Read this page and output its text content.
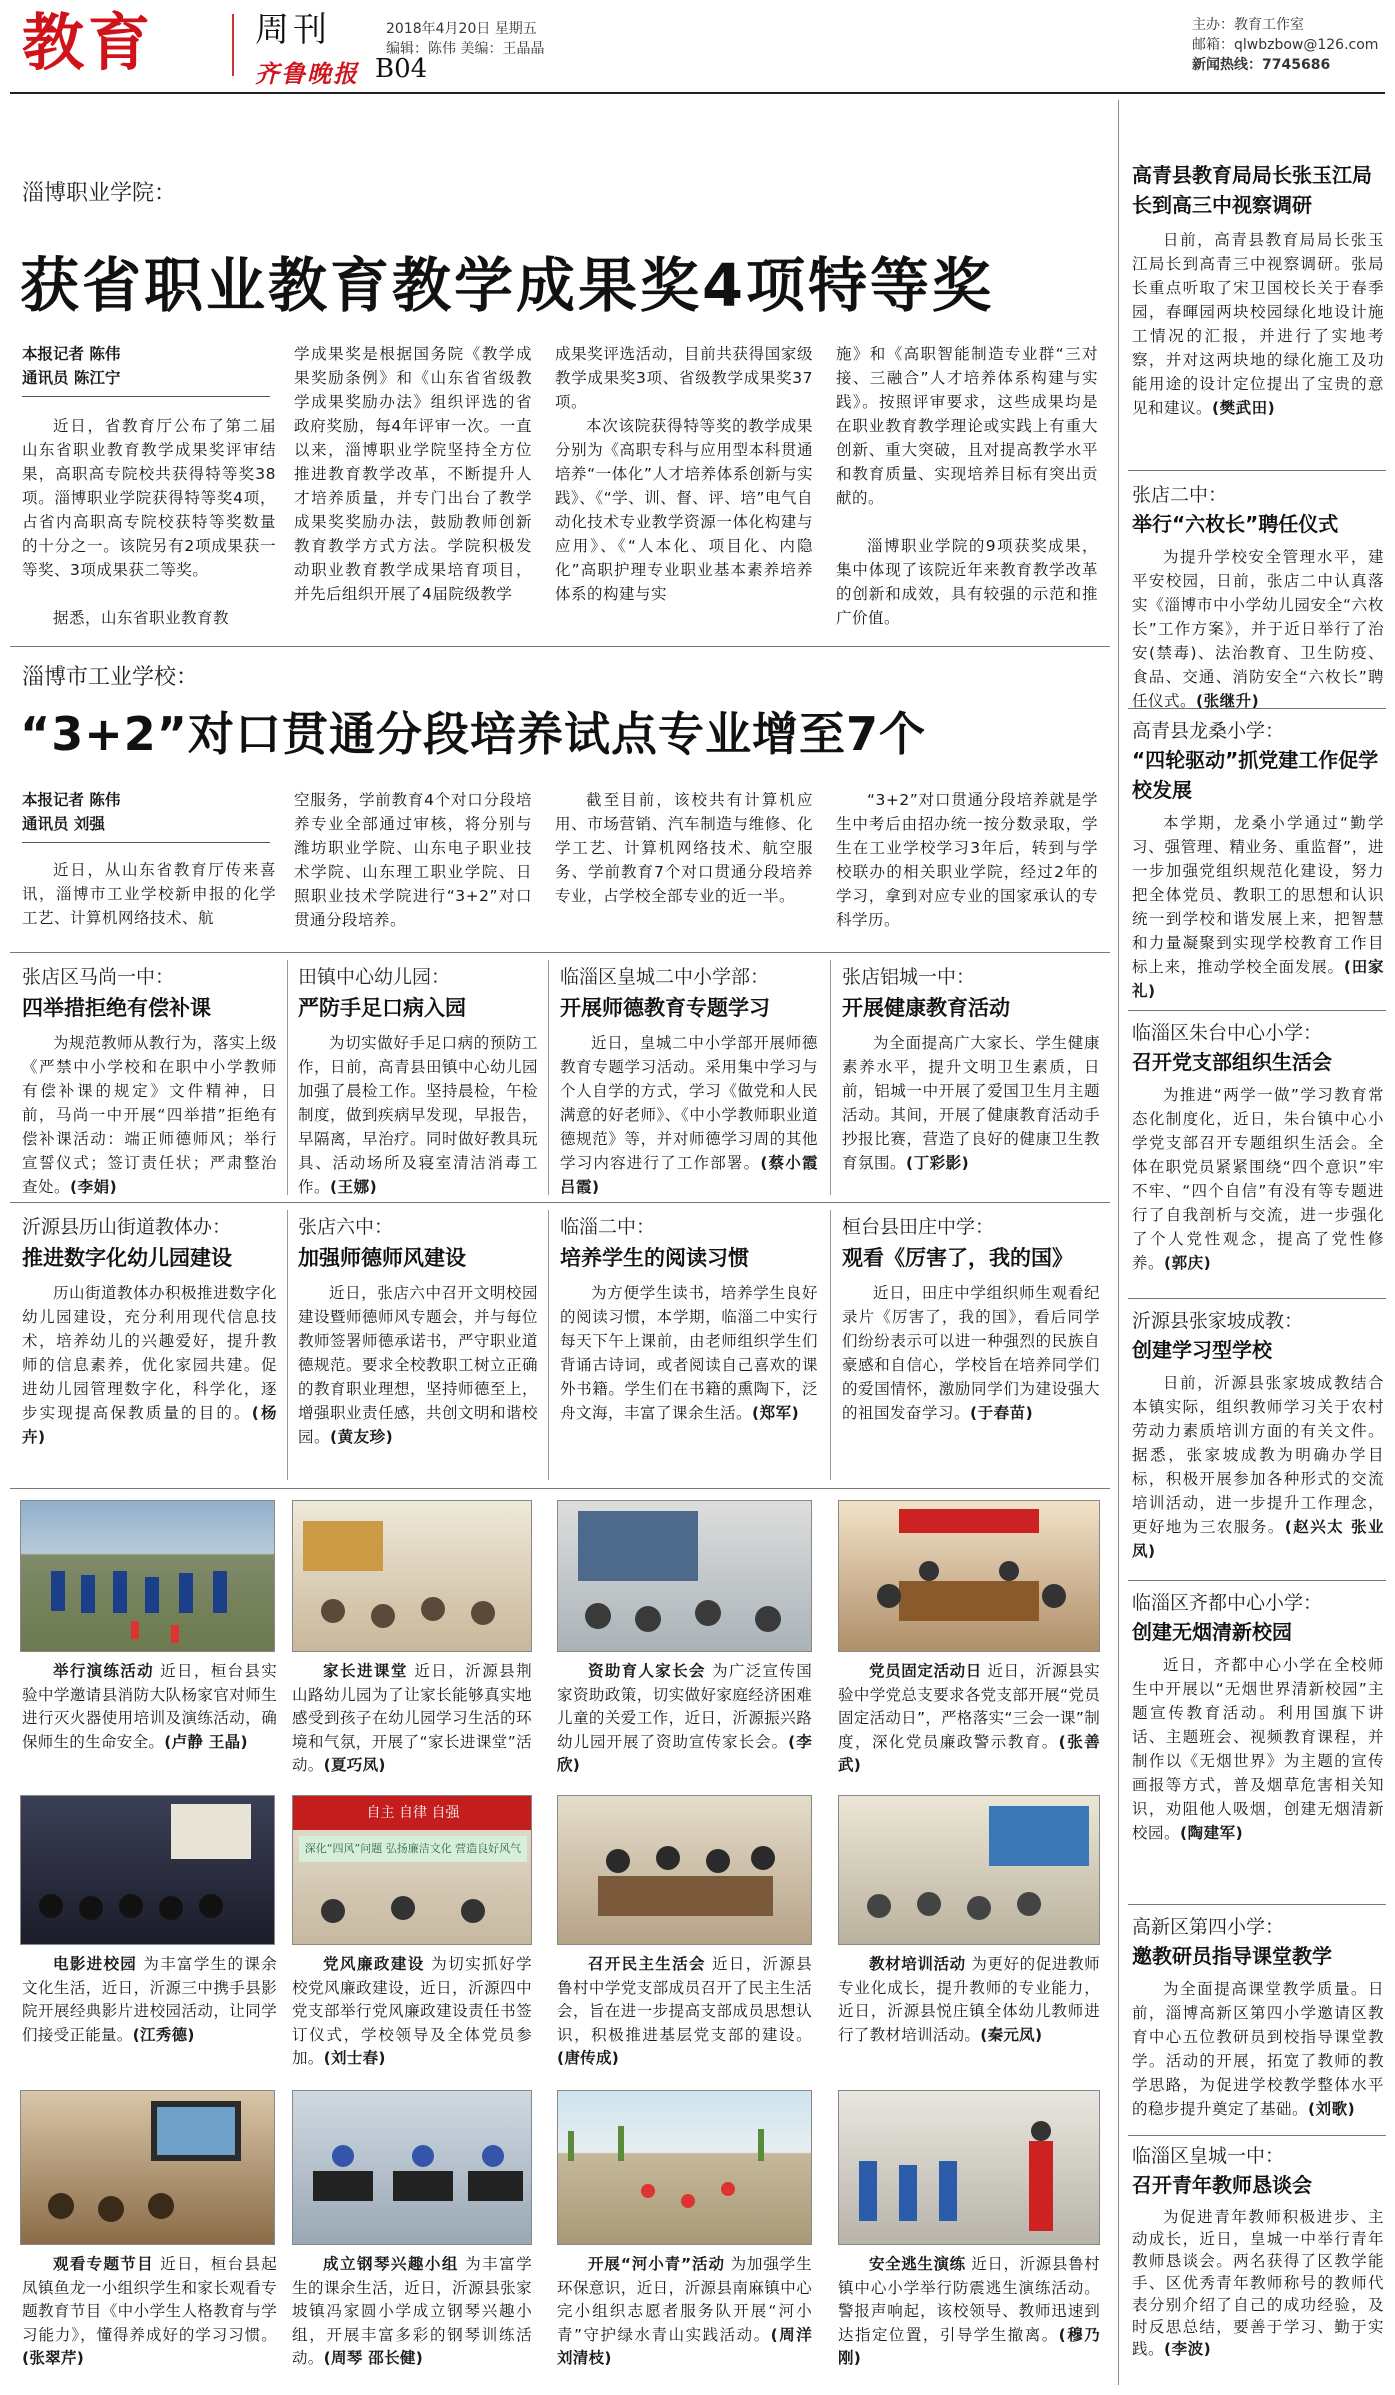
教育	周刊
齐鲁晚报 B04
2018年4月20日 星期五
编辑：陈伟 美编：王晶晶
主办：教育工作室
邮箱：qlwbzbow@126.com
新闻热线：7745686
淄博职业学院：
获省职业教育教学成果奖4项特等奖
本报记者 陈伟
通讯员 陈江宁
近日，省教育厅公布了第二届山东省职业教育教学成果奖评审结果，高职高专院校共获得特等奖38项。淄博职业学院获得特等奖4项，占省内高职高专院校获特等奖数量的十分之一。该院另有2项成果获一等奖、3项成果获二等奖。
据悉，山东省职业教育教
学成果奖是根据国务院《教学成果奖励条例》和《山东省省级教学成果奖励办法》组织评选的省政府奖励，每4年评审一次。一直以来，淄博职业学院坚持全方位推进教育教学改革，不断提升人才培养质量，并专门出台了教学成果奖奖励办法，鼓励教师创新教育教学方式方法。学院积极发动职业教育教学成果培育项目，并先后组织开展了4届院级教学
成果奖评选活动，目前共获得国家级教学成果奖3项、省级教学成果奖37项。
本次该院获得特等奖的教学成果分别为《高职专科与应用型本科贯通培养“一体化”人才培养体系创新与实践》、《“学、训、督、评、培”电气自动化技术专业教学资源一体化构建与应用》、《“人本化、项目化、内隐化”高职护理专业职业基本素养培养体系的构建与实
施》和《高职智能制造专业群“三对接、三融合”人才培养体系构建与实践》。按照评审要求，这些成果均是在职业教育教学理论或实践上有重大创新、重大突破，且对提高教学水平和教育质量、实现培养目标有突出贡献的。
淄博职业学院的9项获奖成果，集中体现了该院近年来教育教学改革的创新和成效，具有较强的示范和推广价值。
淄博市工业学校：
“3+2”对口贯通分段培养试点专业增至7个
本报记者 陈伟
通讯员 刘强
近日，从山东省教育厅传来喜讯，淄博市工业学校新申报的化学工艺、计算机网络技术、航
空服务，学前教育4个对口分段培养专业全部通过审核，将分别与潍坊职业学院、山东电子职业技术学院、山东理工职业学院、日照职业技术学院进行“3+2”对口贯通分段培养。
截至目前，该校共有计算机应用、市场营销、汽车制造与维修、化学工艺、计算机网络技术、航空服务、学前教育7个对口贯通分段培养专业，占学校全部专业的近一半。
“3+2”对口贯通分段培养就是学生中考后由招办统一按分数录取，学生在工业学校学习3年后，转到与学校联办的相关职业学院，经过2年的学习，拿到对应专业的国家承认的专科学历。
张店区马尚一中：
四举措拒绝有偿补课
为规范教师从教行为，落实上级《严禁中小学校和在职中小学教师有偿补课的规定》文件精神，日前，马尚一中开展“四举措”拒绝有偿补课活动：端正师德师风；举行宣誓仪式；签订责任状；严肃整治查处。(李娟)
田镇中心幼儿园：
严防手足口病入园
为切实做好手足口病的预防工作，日前，高青县田镇中心幼儿园加强了晨检工作。坚持晨检，午检制度，做到疾病早发现，早报告，早隔离，早治疗。同时做好教具玩具、活动场所及寝室清洁消毒工作。(王娜)
临淄区皇城二中小学部：
开展师德教育专题学习
近日，皇城二中小学部开展师德教育专题学习活动。采用集中学习与个人自学的方式，学习《做党和人民满意的好老师》、《中小学教师职业道德规范》等，并对师德学习周的其他学习内容进行了工作部署。(蔡小霞 吕霞)
张店铝城一中：
开展健康教育活动
为全面提高广大家长、学生健康素养水平，提升文明卫生素质，日前，铝城一中开展了爱国卫生月主题活动。其间，开展了健康教育活动手抄报比赛，营造了良好的健康卫生教育氛围。(丁彩影)
沂源县历山街道教体办：
推进数字化幼儿园建设
历山街道教体办积极推进数字化幼儿园建设，充分利用现代信息技术，培养幼儿的兴趣爱好，提升教师的信息素养，优化家园共建。促进幼儿园管理数字化，科学化，逐步实现提高保教质量的目的。(杨卉)
张店六中：
加强师德师风建设
近日，张店六中召开文明校园建设暨师德师风专题会，并与每位教师签署师德承诺书，严守职业道德规范。要求全校教职工树立正确的教育职业理想，坚持师德至上，增强职业责任感，共创文明和谐校园。(黄友珍)
临淄二中：
培养学生的阅读习惯
为方便学生读书，培养学生良好的阅读习惯，本学期，临淄二中实行每天下午上课前，由老师组织学生们背诵古诗词，或者阅读自己喜欢的课外书籍。学生们在书籍的熏陶下，泛舟文海，丰富了课余生活。(郑军)
桓台县田庄中学：
观看《厉害了，我的国》
近日，田庄中学组织师生观看纪录片《厉害了，我的国》，看后同学们纷纷表示可以进一种强烈的民族自豪感和自信心，学校旨在培养同学们的爱国情怀，激励同学们为建设强大的祖国发奋学习。(于春苗)
举行演练活动 近日，桓台县实验中学邀请县消防大队杨家官对师生进行灭火器使用培训及演练活动，确保师生的生命安全。(卢静 王晶)
家长进课堂 近日，沂源县荆山路幼儿园为了让家长能够真实地感受到孩子在幼儿园学习生活的环境和气氛，开展了“家长进课堂”活动。(夏巧凤)
资助育人家长会 为广泛宣传国家资助政策，切实做好家庭经济困难儿童的关爱工作，近日，沂源振兴路幼儿园开展了资助宣传家长会。(李欣)
党员固定活动日 近日，沂源县实验中学党总支要求各党支部开展“党员固定活动日”，严格落实“三会一课”制度，深化党员廉政警示教育。(张善武)
自主 自律 自强
深化“四风”问题 弘扬廉洁文化 营造良好风气
电影进校园 为丰富学生的课余文化生活，近日，沂源三中携手县影院开展经典影片进校园活动，让同学们接受正能量。(江秀德)
党风廉政建设 为切实抓好学校党风廉政建设，近日，沂源四中党支部举行党风廉政建设责任书签订仪式，学校领导及全体党员参加。(刘士春)
召开民主生活会 近日，沂源县鲁村中学党支部成员召开了民主生活会，旨在进一步提高支部成员思想认识，积极推进基层党支部的建设。(唐传成)
教材培训活动 为更好的促进教师专业化成长，提升教师的专业能力，近日，沂源县悦庄镇全体幼儿教师进行了教材培训活动。(秦元凤)
观看专题节目 近日，桓台县起凤镇鱼龙一小组织学生和家长观看专题教育节目《中小学生人格教育与学习能力》，懂得养成好的学习习惯。(张翠芹)
成立钢琴兴趣小组 为丰富学生的课余生活，近日，沂源县张家坡镇冯家圆小学成立钢琴兴趣小组，开展丰富多彩的钢琴训练活动。(周琴 邵长健)
开展“河小青”活动 为加强学生环保意识，近日，沂源县南麻镇中心完小组织志愿者服务队开展“河小青”守护绿水青山实践活动。(周洋 刘清枝)
安全逃生演练 近日，沂源县鲁村镇中心小学举行防震逃生演练活动。警报声响起，该校领导、教师迅速到达指定位置，引导学生撤离。(穆乃刚)
高青县教育局局长张玉江局长到高三中视察调研
日前，高青县教育局局长张玉江局长到高青三中视察调研。张局长重点听取了宋卫国校长关于春季园，春暉园两块校园绿化地设计施工情况的汇报，并进行了实地考察，并对这两块地的绿化施工及功能用途的设计定位提出了宝贵的意见和建议。(樊武田)
张店二中：
举行“六枚长”聘任仪式
为提升学校安全管理水平，建平安校园，日前，张店二中认真落实《淄博市中小学幼儿园安全“六枚长”工作方案》，并于近日举行了治安(禁毒)、法治教育、卫生防疫、食品、交通、消防安全“六枚长”聘任仪式。(张继升)
高青县龙桑小学：
“四轮驱动”抓党建工作促学校发展
本学期，龙桑小学通过“勤学习、强管理、精业务、重监督”，进一步加强党组织规范化建设，努力把全体党员、教职工的思想和认识统一到学校和谐发展上来，把智慧和力量凝聚到实现学校教育工作目标上来，推动学校全面发展。(田家礼)
临淄区朱台中心小学：
召开党支部组织生活会
为推进“两学一做”学习教育常态化制度化，近日，朱台镇中心小学党支部召开专题组织生活会。全体在职党员紧紧围绕“四个意识”牢不牢、“四个自信”有没有等专题进行了自我剖析与交流，进一步强化了个人党性观念，提高了党性修养。(郭庆)
沂源县张家坡成教：
创建学习型学校
日前，沂源县张家坡成教结合本镇实际，组织教师学习关于农村劳动力素质培训方面的有关文件。据悉，张家坡成教为明确办学目标，积极开展参加各种形式的交流培训活动，进一步提升工作理念，更好地为三农服务。(赵兴太 张业凤)
临淄区齐都中心小学：
创建无烟清新校园
近日，齐都中心小学在全校师生中开展以“无烟世界清新校园”主题宣传教育活动。利用国旗下讲话、主题班会、视频教育课程，并制作以《无烟世界》为主题的宣传画报等方式，普及烟草危害相关知识，劝阻他人吸烟，创建无烟清新校园。(陶建军)
高新区第四小学：
邀教研员指导课堂教学
为全面提高课堂教学质量。日前，淄博高新区第四小学邀请区教育中心五位教研员到校指导课堂教学。活动的开展，拓宽了教师的教学思路，为促进学校教学整体水平的稳步提升奠定了基础。(刘歌)
临淄区皇城一中：
召开青年教师恳谈会
为促进青年教师积极进步、主动成长，近日，皇城一中举行青年教师恳谈会。两名获得了区教学能手、区优秀青年教师称号的教师代表分别介绍了自己的成功经验，及时反思总结，要善于学习、勤于实践。(李波)
